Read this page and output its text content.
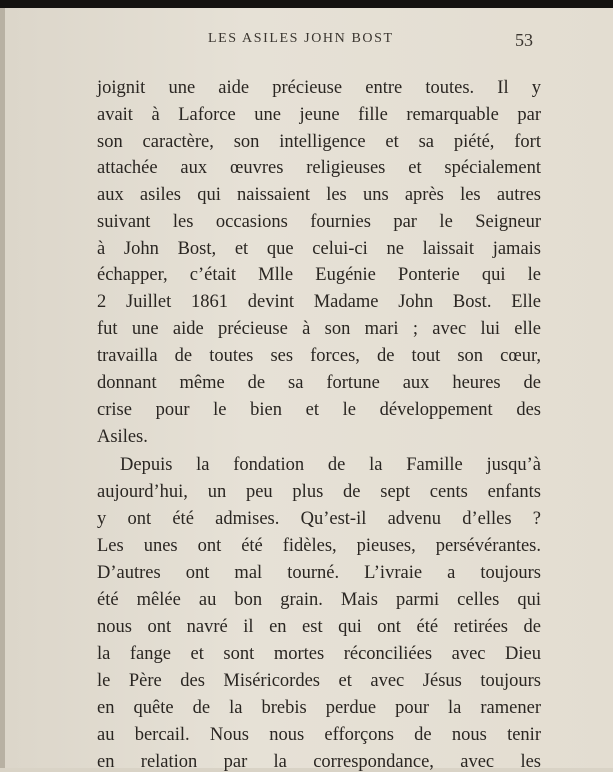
LES ASILES JOHN BOST	53
joignit une aide précieuse entre toutes. Il y
avait à Laforce une jeune fille remarquable par
son caractère, son intelligence et sa piété, fort
attachée aux œuvres religieuses et spécialement
aux asiles qui naissaient les uns après les autres
suivant les occasions fournies par le Seigneur
à John Bost, et que celui-ci ne laissait jamais
échapper, c’était Mlle Eugénie Ponterie qui le
2 Juillet 1861 devint Madame John Bost. Elle
fut une aide précieuse à son mari ; avec lui elle
travailla de toutes ses forces, de tout son cœur,
donnant même de sa fortune aux heures de
crise pour le bien et le développement des
Asiles.
Depuis la fondation de la Famille jusqu’à
aujourd’hui, un peu plus de sept cents enfants
y ont été admises. Qu’est-il advenu d’elles ?
Les unes ont été fidèles, pieuses, persévérantes.
D’autres ont mal tourné. L’ivraie a toujours
été mêlée au bon grain. Mais parmi celles qui
nous ont navré il en est qui ont été retirées de
la fange et sont mortes réconciliées avec Dieu
le Père des Miséricordes et avec Jésus toujours
en quête de la brebis perdue pour la ramener
au bercail. Nous nous efforçons de nous tenir
en relation par la correspondance, avec les
